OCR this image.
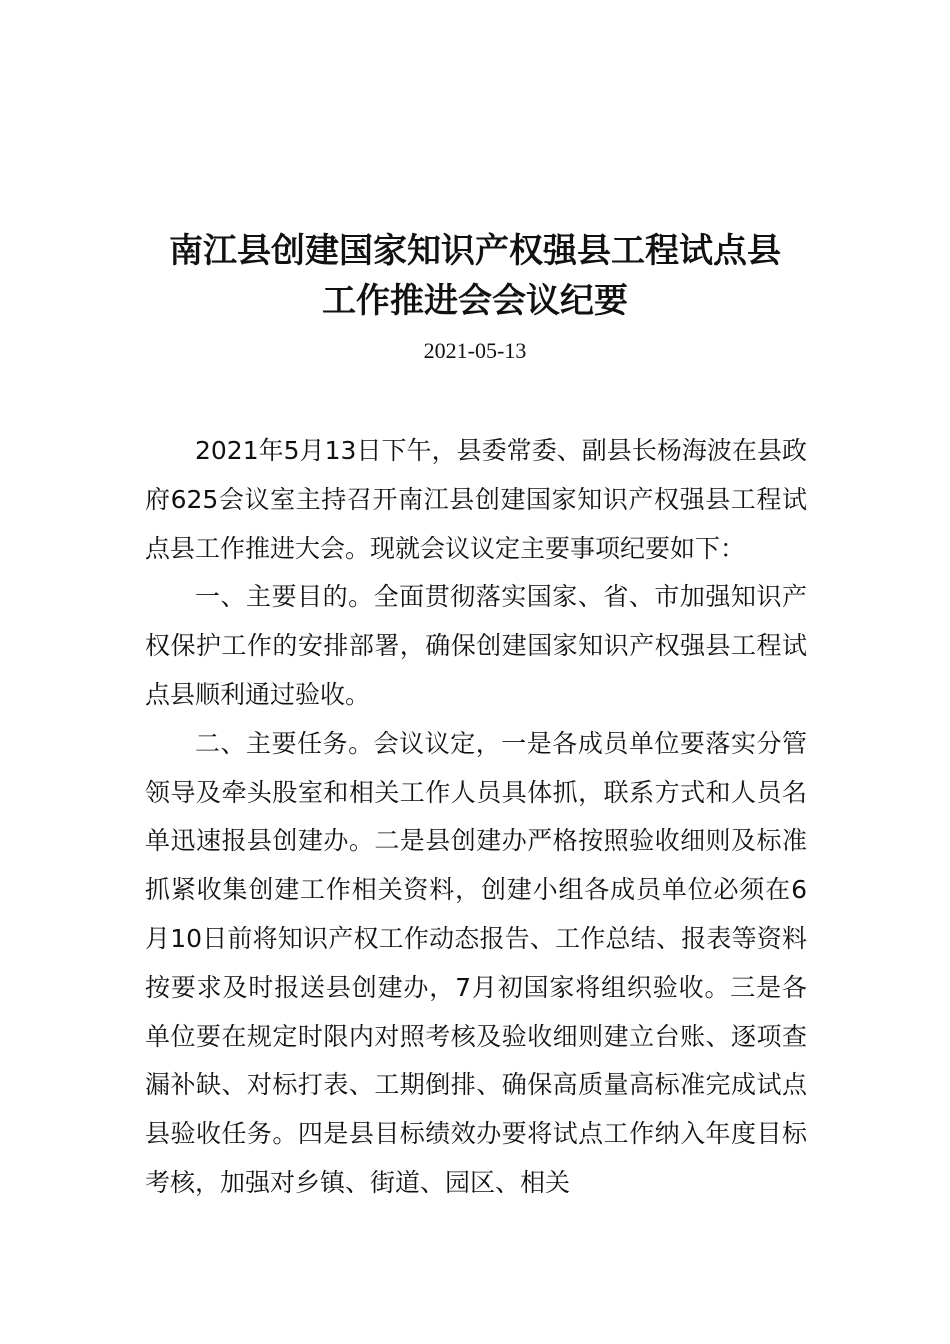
南江县创建国家知识产权强县工程试点县
工作推进会会议纪要
2021-05-13

2021年5月13日下午，县委常委、副县长杨海波在县政府625会议室主持召开南江县创建国家知识产权强县工程试点县工作推进大会。现就会议议定主要事项纪要如下：

一、主要目的。全面贯彻落实国家、省、市加强知识产权保护工作的安排部署，确保创建国家知识产权强县工程试点县顺利通过验收。

二、主要任务。会议议定，一是各成员单位要落实分管领导及牵头股室和相关工作人员具体抓，联系方式和人员名单迅速报县创建办。二是县创建办严格按照验收细则及标准抓紧收集创建工作相关资料，创建小组各成员单位必须在6月10日前将知识产权工作动态报告、工作总结、报表等资料按要求及时报送县创建办，7月初国家将组织验收。三是各单位要在规定时限内对照考核及验收细则建立台账、逐项查漏补缺、对标打表、工期倒排、确保高质量高标准完成试点县验收任务。四是县目标绩效办要将试点工作纳入年度目标考核，加强对乡镇、街道、园区、相关
